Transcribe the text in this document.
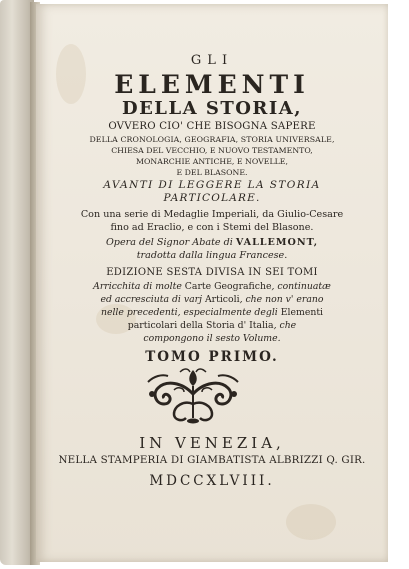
GLI
ELEMENTI
DELLA STORIA,
OVVERO CIO' CHE BISOGNA SAPERE
DELLA CRONOLOGIA, GEOGRAFIA, STORIA UNIVERSALE,
CHIESA DEL VECCHIO, E NUOVO TESTAMENTO,
MONARCHIE ANTICHE, E NOVELLE,
E DEL BLASONE.
AVANTI DI LEGGERE LA STORIA
PARTICOLARE.
Con una serie di Medaglie Imperiali, da Giulio-Cesare
fino ad Eraclio, e con i Stemi del Blasone.
Opera del Signor Abate di VALLEMONT,
tradotta dalla lingua Francese.
EDIZIONE SESTA DIVISA IN SEI TOMI
Arricchita di molte Carte Geografiche, continuatæ
ed accresciuta di varj Articoli, che non v' erano
nelle precedenti, especialmente degli Elementi
particolari della Storia d' Italia, che
compongono il sesto Volume.
TOMO PRIMO.
IN VENEZIA,
NELLA STAMPERIA DI GIAMBATISTA ALBRIZZI Q. GIR.
MDCCXLVIII.
